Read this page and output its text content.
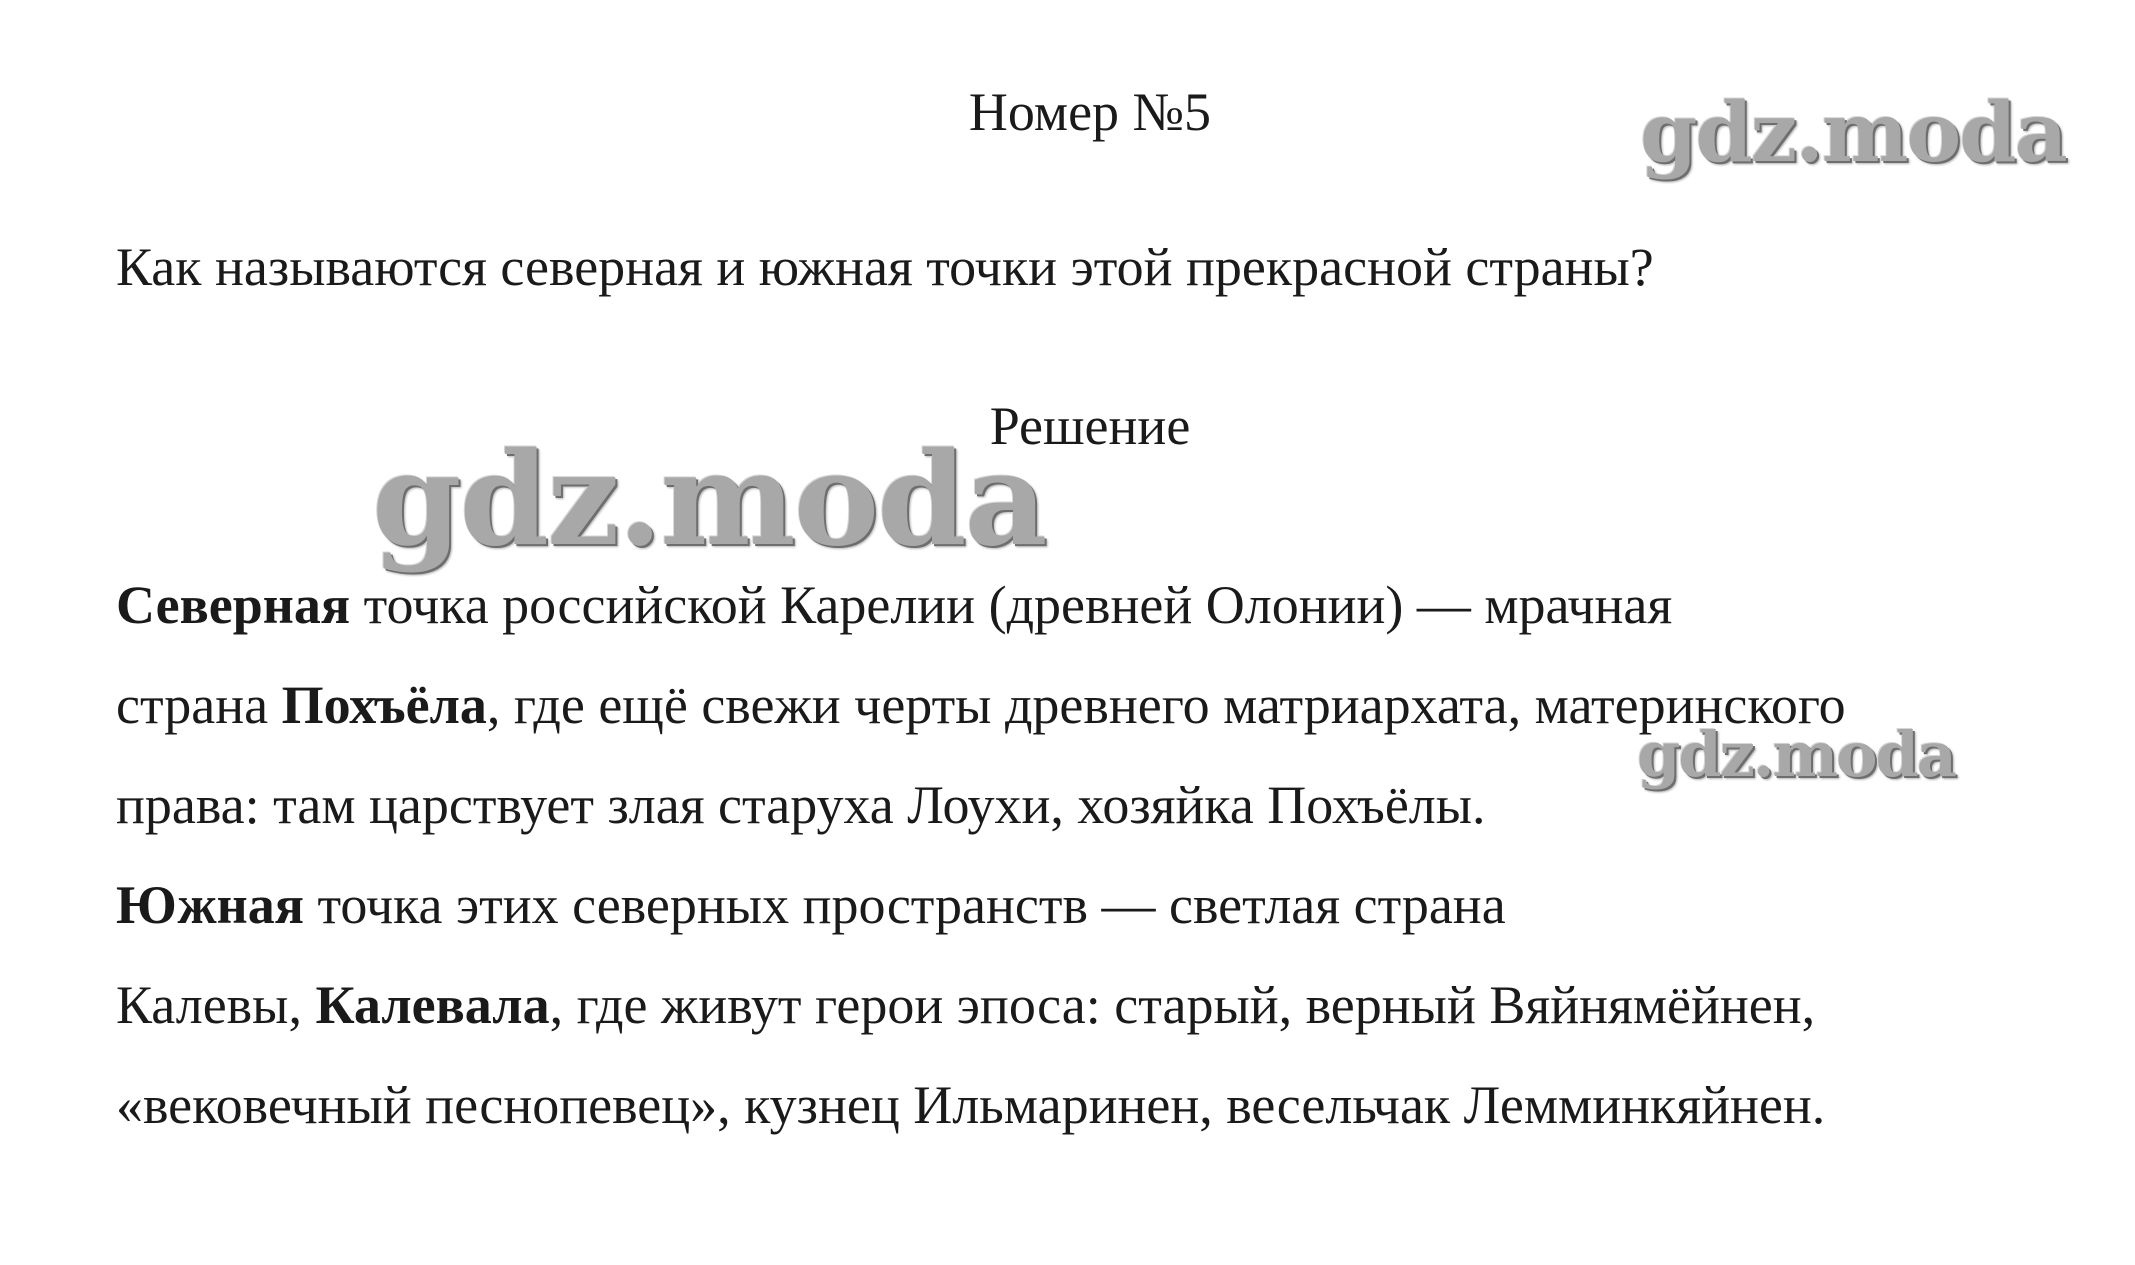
Номер №5	gdz.moda
Как называются северная и южная точки этой прекрасной страны?
Решение
gdz.moda
Северная точка российской Карелии (древней Олонии) — мрачная
страна Похъёла, где ещё свежи черты древнего матриархата, материнского
права: там царствует злая старуха Лоухи, хозяйка Похъёлы.
Южная точка этих северных пространств — светлая страна
Калевы, Калевала, где живут герои эпоса: старый, верный Вяйнямёйнен,
«вековечный песнопевец», кузнец Ильмаринен, весельчак Лемминкяйнен.
gdz.moda
